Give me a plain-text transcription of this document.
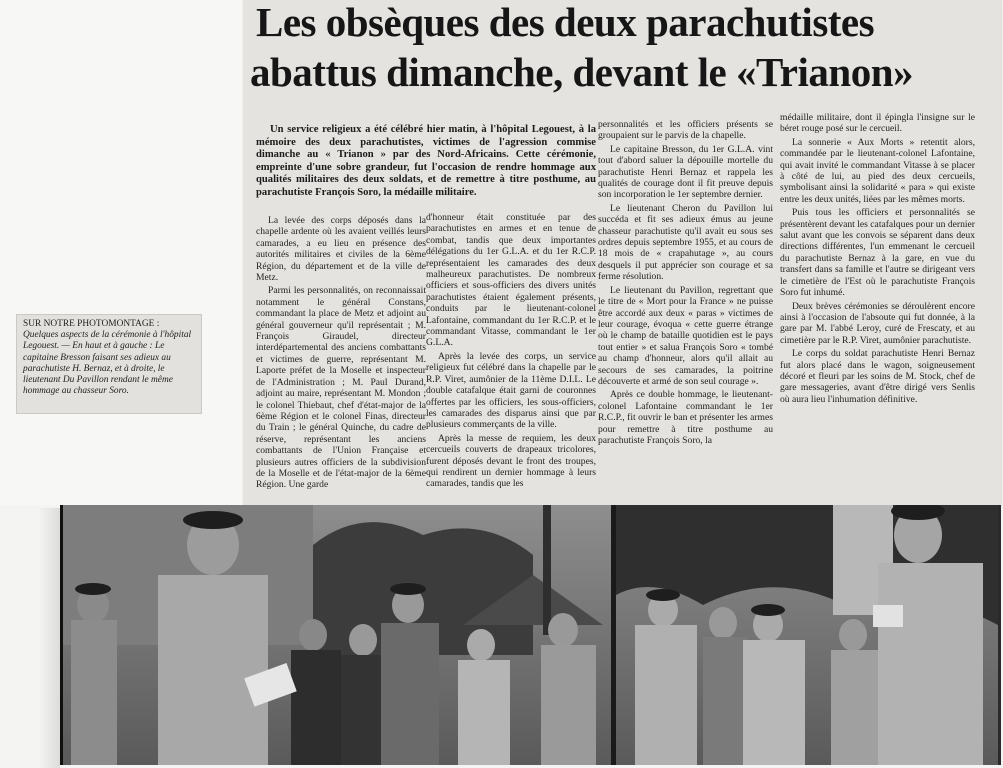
Les obsèques des deux parachutistes
abattus dimanche, devant le «Trianon»

Un service religieux a été célébré hier matin, à l'hôpital Legouest, à la mémoire des deux parachutistes, victimes de l'agression commise dimanche au « Trianon » par des Nord-Africains. Cette cérémonie, empreinte d'une sobre grandeur, fut l'occasion de rendre hommage aux qualités militaires des deux soldats, et de remettre à titre posthume, au parachutiste François Soro, la médaille militaire.

La levée des corps déposés dans la chapelle ardente où les avaient veillés leurs camarades, a eu lieu en présence des autorités militaires et civiles de la 6ème Région, du département et de la ville de Metz.

Parmi les personnalités, on reconnaissait notamment le général Constans, commandant la place de Metz et adjoint au général gouverneur qu'il représentait ; M. François Giraudel, directeur interdépartemental des anciens combattants et victimes de guerre, représentant M. Laporte préfet de la Moselle et inspecteur de l'Administration ; M. Paul Durand, adjoint au maire, représentant M. Mondon ; le colonel Thiebaut, chef d'état-major de la 6ème Région et le colonel Finas, directeur du Train ; le général Quinche, du cadre de réserve, représentant les anciens combattants de l'Union Française et plusieurs autres officiers de la subdivision de la Moselle et de l'état-major de la 6ème Région. Une garde

d'honneur était constituée par des parachutistes en armes et en tenue de combat, tandis que deux importantes délégations du 1er G.L.A. et du 1er R.C.P. représentaient les camarades des deux malheureux parachutistes. De nombreux officiers et sous-officiers des divers unités parachutistes étaient également présents, conduits par le lieutenant-colonel Lafontaine, commandant du 1er R.C.P. et le commandant Vitasse, commandant le 1er G.L.A.

Après la levée des corps, un service religieux fut célébré dans la chapelle par le R.P. Viret, aumônier de la 11ème D.I.L. Le double catafalque était garni de couronnes offertes par les officiers, les sous-officiers, les camarades des disparus ainsi que par plusieurs commerçants de la ville.

Après la messe de requiem, les deux cercueils couverts de drapeaux tricolores, furent déposés devant le front des troupes, qui rendirent un dernier hommage à leurs camarades, tandis que les

personnalités et les officiers présents se groupaient sur le parvis de la chapelle.

Le capitaine Bresson, du 1er G.L.A. vint tout d'abord saluer la dépouille mortelle du parachutiste Henri Bernaz et rappela les qualités de courage dont il fit preuve depuis son incorporation le 1er septembre dernier.

Le lieutenant Cheron du Pavillon lui succéda et fit ses adieux émus au jeune chasseur parachutiste qu'il avait eu sous ses ordres depuis septembre 1955, et au cours de 18 mois de « crapahutage », au cours desquels il put apprécier son courage et sa ferme résolution.

Le lieutenant du Pavillon, regrettant que le titre de « Mort pour la France » ne puisse être accordé aux deux « paras » victimes de leur courage, évoqua « cette guerre étrange où le champ de bataille quotidien est le pays tout entier » et salua François Soro « tombé au champ d'honneur, alors qu'il allait au secours de ses camarades, la poitrine découverte et armé de son seul courage ».

Après ce double hommage, le lieutenant-colonel Lafontaine commandant le 1er R.C.P., fit ouvrir le ban et présenter les armes pour remettre à titre posthume au parachutiste François Soro, la

médaille militaire, dont il épingla l'insigne sur le béret rouge posé sur le cercueil.

La sonnerie « Aux Morts » retentit alors, commandée par le lieutenant-colonel Lafontaine, qui avait invité le commandant Vitasse à se placer à côté de lui, au pied des deux cercueils, symbolisant ainsi la solidarité « para » qui existe entre les deux unités, liées par les mêmes morts.

Puis tous les officiers et personnalités se présentèrent devant les catafalques pour un dernier salut avant que les convois se séparent dans deux directions différentes, l'un emmenant le cercueil du parachutiste Bernaz à la gare, en vue du transfert dans sa famille et l'autre se dirigeant vers le cimetière de l'Est où le parachutiste François Soro fut inhumé.

Deux brèves cérémonies se déroulèrent encore ainsi à l'occasion de l'absoute qui fut donnée, à la gare par M. l'abbé Leroy, curé de Frescaty, et au cimetière par le R.P. Viret, aumônier parachutiste.

Le corps du soldat parachutiste Henri Bernaz fut alors placé dans le wagon, soigneusement décoré et fleuri par les soins de M. Stock, chef de gare messageries, avant d'être dirigé vers Senlis où aura lieu l'inhumation définitive.

SUR NOTRE PHOTOMONTAGE : Quelques aspects de la cérémonie à l'hôpital Legouest. — En haut et à gauche : Le capitaine Bresson faisant ses adieux au parachutiste H. Bernaz, et à droite, le lieutenant Du Pavillon rendant le même hommage au chasseur Soro.
